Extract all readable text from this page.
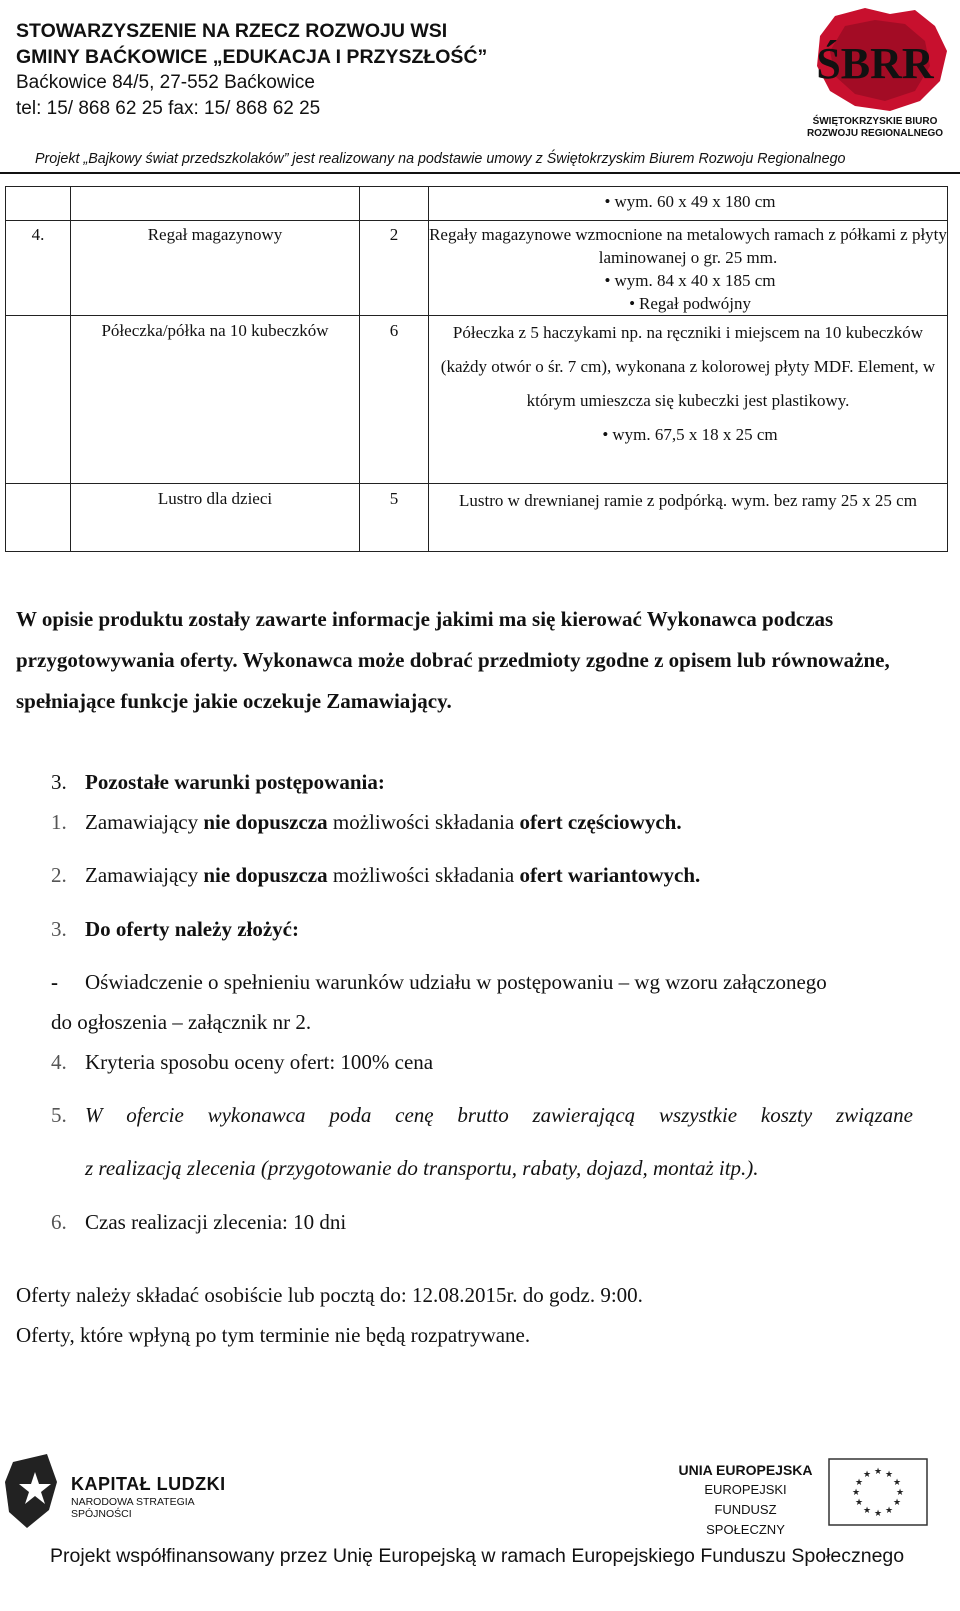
STOWARZYSZENIE NA RZECZ ROZWOJU WSI
GMINY BAĆKOWICE „EDUKACJA I PRZYSZŁOŚĆ”
Baćkowice 84/5, 27-552 Baćkowice
tel: 15/ 868 62 25 fax: 15/ 868 62 25
ŚBRR
ŚWIĘTOKRZYSKIE BIURO
ROZWOJU REGIONALNEGO
Projekt „Bajkowy świat przedszkolaków” jest realizowany na podstawie umowy z Świętokrzyskim Biurem Rozwoju Regionalnego
			• wym. 60 x 49 x 180 cm
4.	Regał magazynowy	2	Regały magazynowe wzmocnione na metalowych ramach z półkami z płyty laminowanej o gr. 25 mm.
• wym. 84 x 40 x 185 cm
• Regał podwójny

	Półeczka/półka na 10 kubeczków	6	Półeczka z 5 haczykami np. na ręczniki i miejscem na 10 kubeczków (każdy otwór o śr. 7 cm), wykonana z kolorowej płyty MDF. Element, w którym umieszcza się kubeczki jest plastikowy.
• wym. 67,5 x 18 x 25 cm

	Lustro dla dzieci	5	Lustro w drewnianej ramie z podpórką. wym. bez ramy 25 x 25 cm
W opisie produktu zostały zawarte informacje jakimi ma się kierować Wykonawca podczas przygotowywania oferty. Wykonawca może dobrać przedmioty zgodne z opisem lub równoważne, spełniające funkcje jakie oczekuje Zamawiający.
3. Pozostałe warunki postępowania:
1. Zamawiający nie dopuszcza możliwości składania ofert częściowych.
2. Zamawiający nie dopuszcza możliwości składania ofert wariantowych.
3. Do oferty należy złożyć:
- Oświadczenie o spełnieniu warunków udziału w postępowaniu – wg wzoru załączonego
do ogłoszenia – załącznik nr 2.
4. Kryteria sposobu oceny ofert: 100% cena
5. W ofercie wykonawca poda cenę brutto zawierającą wszystkie koszty związane
z realizacją zlecenia (przygotowanie do transportu, rabaty, dojazd, montaż itp.).
6. Czas realizacji zlecenia: 10 dni
Oferty należy składać osobiście lub pocztą do: 12.08.2015r. do godz. 9:00.
Oferty, które wpłyną po tym terminie nie będą rozpatrywane.
KAPITAŁ LUDZKI
NARODOWA STRATEGIA SPÓJNOŚCI
UNIA EUROPEJSKA
EUROPEJSKI
FUNDUSZ SPOŁECZNY
★ ★
★
★
★
★
★
★
★
★
★
★
Projekt współfinansowany przez Unię Europejską w ramach Europejskiego Funduszu Społecznego
